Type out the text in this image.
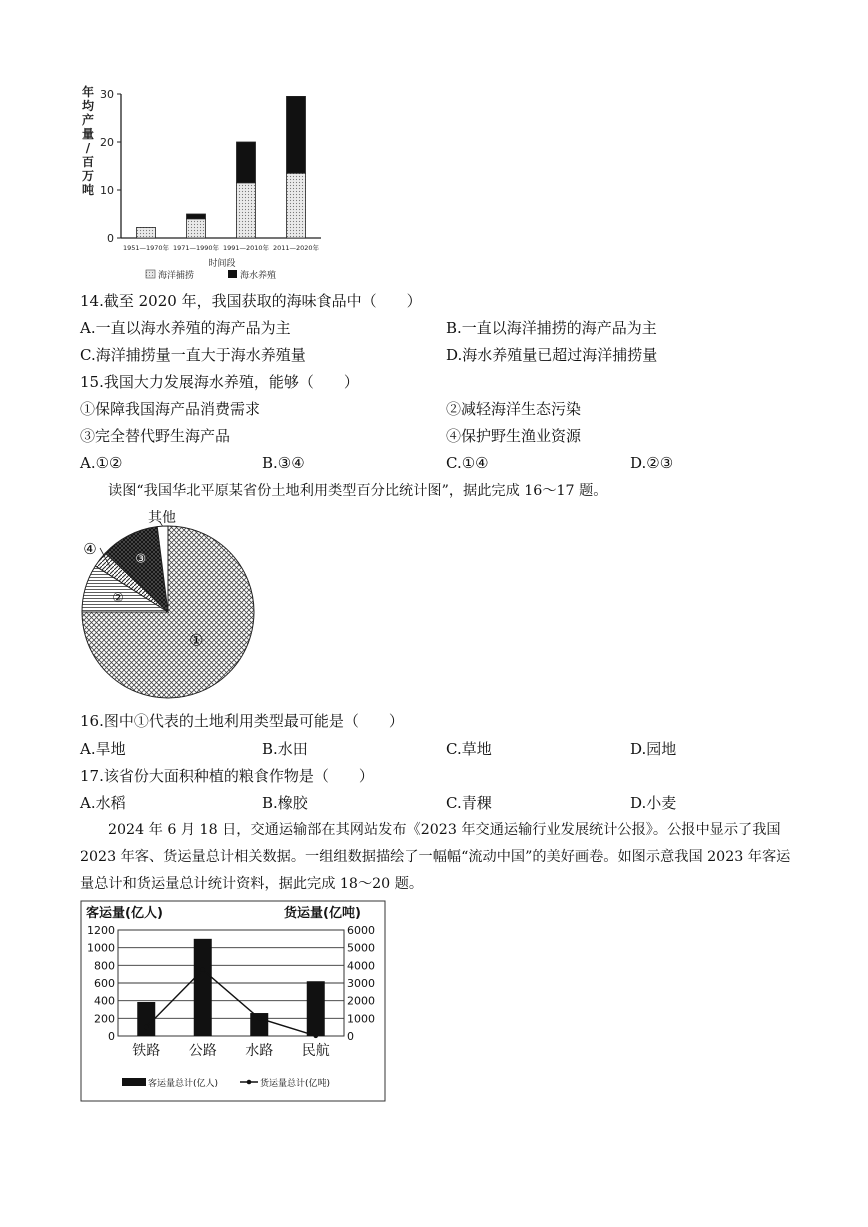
年均产量/百万吨
0
10
20
30
1951—1970年 1971—1990年 1991—2010年 2011—2020年
时间段
海洋捕捞	海水养殖
14.截至 2020 年，我国获取的海味食品中（　　）
A.一直以海水养殖的海产品为主	B.一直以海洋捕捞的海产品为主
C.海洋捕捞量一直大于海水养殖量	D.海水养殖量已超过海洋捕捞量
15.我国大力发展海水养殖，能够（　　）
①保障我国海产品消费需求	②减轻海洋生态污染
③完全替代野生海产品	④保护野生渔业资源
A.①②	B.③④	C.①④	D.②③
读图“我国华北平原某省份土地利用类型百分比统计图”，据此完成 16～17 题。
①
②
③
④
其他
16.图中①代表的土地利用类型最可能是（　　）
A.旱地	B.水田	C.草地	D.园地
17.该省份大面积种植的粮食作物是（　　）
A.水稻	B.橡胶	C.青稞	D.小麦
2024 年 6 月 18 日，交通运输部在其网站发布《2023 年交通运输行业发展统计公报》。公报中显示了我国 2023 年客、货运量总计相关数据。一组组数据描绘了一幅幅“流动中国”的美好画卷。如图示意我国 2023 年客运量总计和货运量总计统计资料，据此完成 18～20 题。
客运量(亿人)	货运量(亿吨)
0
200
400
600
800
1000
1200
0
1000
2000
3000
4000
5000
6000
铁路 公路 水路 民航
客运量总计(亿人)	货运量总计(亿吨)
